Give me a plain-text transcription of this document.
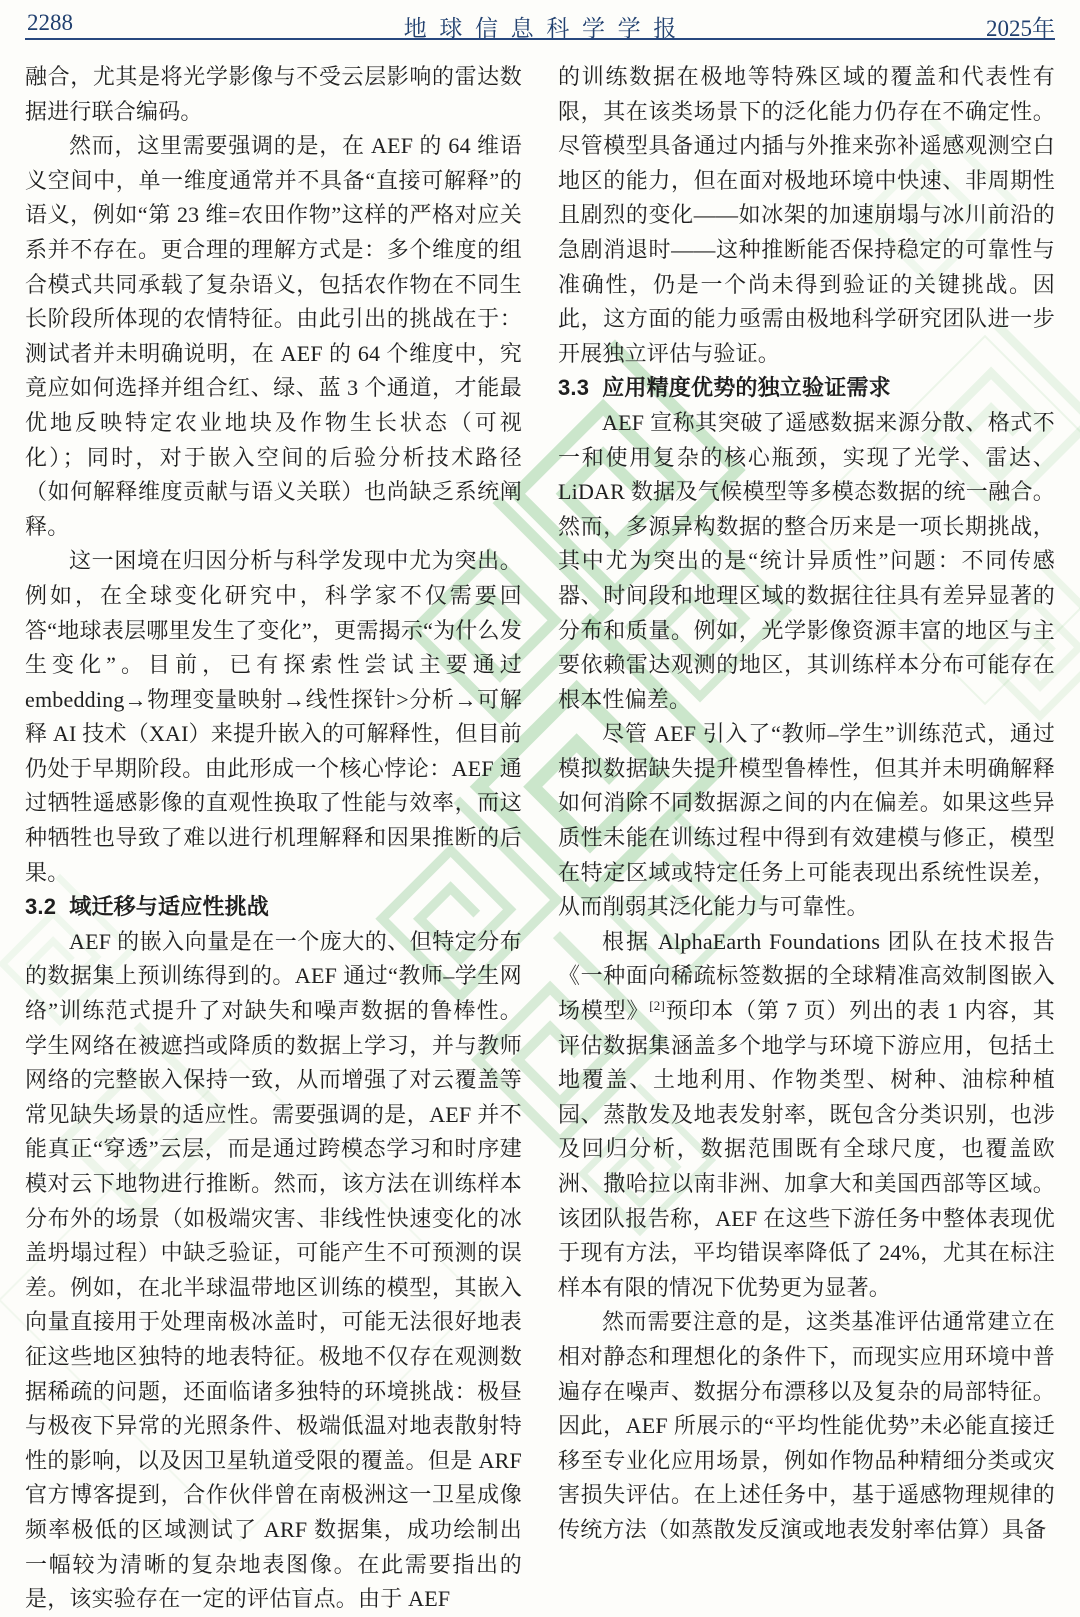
2288	地球信息科学学报	2025年

融合，尤其是将光学影像与不受云层影响的雷达数据进行联合编码。

然而，这里需要强调的是，在 AEF 的 64 维语义空间中，单一维度通常并不具备“直接可解释”的语义，例如“第 23 维=农田作物”这样的严格对应关系并不存在。更合理的理解方式是：多个维度的组合模式共同承载了复杂语义，包括农作物在不同生长阶段所体现的农情特征。由此引出的挑战在于：测试者并未明确说明，在 AEF 的 64 个维度中，究竟应如何选择并组合红、绿、蓝 3 个通道，才能最优地反映特定农业地块及作物生长状态（可视化）；同时，对于嵌入空间的后验分析技术路径（如何解释维度贡献与语义关联）也尚缺乏系统阐释。

这一困境在归因分析与科学发现中尤为突出。例如，在全球变化研究中，科学家不仅需要回答“地球表层哪里发生了变化”，更需揭示“为什么发生变化”。目前，已有探索性尝试主要通过 embedding→物理变量映射→线性探针>分析→可解释 AI 技术（XAI）来提升嵌入的可解释性，但目前仍处于早期阶段。由此形成一个核心悖论：AEF 通过牺牲遥感影像的直观性换取了性能与效率，而这种牺牲也导致了难以进行机理解释和因果推断的后果。

3.2 域迁移与适应性挑战

AEF 的嵌入向量是在一个庞大的、但特定分布的数据集上预训练得到的。AEF 通过“教师–学生网络”训练范式提升了对缺失和噪声数据的鲁棒性。学生网络在被遮挡或降质的数据上学习，并与教师网络的完整嵌入保持一致，从而增强了对云覆盖等常见缺失场景的适应性。需要强调的是，AEF 并不能真正“穿透”云层，而是通过跨模态学习和时序建模对云下地物进行推断。然而，该方法在训练样本分布外的场景（如极端灾害、非线性快速变化的冰盖坍塌过程）中缺乏验证，可能产生不可预测的误差。例如，在北半球温带地区训练的模型，其嵌入向量直接用于处理南极冰盖时，可能无法很好地表征这些地区独特的地表特征。极地不仅存在观测数据稀疏的问题，还面临诸多独特的环境挑战：极昼与极夜下异常的光照条件、极端低温对地表散射特性的影响，以及因卫星轨道受限的覆盖。但是 ARF 官方博客提到，合作伙伴曾在南极洲这一卫星成像频率极低的区域测试了 ARF 数据集，成功绘制出一幅较为清晰的复杂地表图像。在此需要指出的是，该实验存在一定的评估盲点。由于 AEF

的训练数据在极地等特殊区域的覆盖和代表性有限，其在该类场景下的泛化能力仍存在不确定性。尽管模型具备通过内插与外推来弥补遥感观测空白地区的能力，但在面对极地环境中快速、非周期性且剧烈的变化——如冰架的加速崩塌与冰川前沿的急剧消退时——这种推断能否保持稳定的可靠性与准确性，仍是一个尚未得到验证的关键挑战。因此，这方面的能力亟需由极地科学研究团队进一步开展独立评估与验证。

3.3 应用精度优势的独立验证需求

AEF 宣称其突破了遥感数据来源分散、格式不一和使用复杂的核心瓶颈，实现了光学、雷达、LiDAR 数据及气候模型等多模态数据的统一融合。然而，多源异构数据的整合历来是一项长期挑战，其中尤为突出的是“统计异质性”问题：不同传感器、时间段和地理区域的数据往往具有差异显著的分布和质量。例如，光学影像资源丰富的地区与主要依赖雷达观测的地区，其训练样本分布可能存在根本性偏差。

尽管 AEF 引入了“教师–学生”训练范式，通过模拟数据缺失提升模型鲁棒性，但其并未明确解释如何消除不同数据源之间的内在偏差。如果这些异质性未能在训练过程中得到有效建模与修正，模型在特定区域或特定任务上可能表现出系统性误差，从而削弱其泛化能力与可靠性。

根据 AlphaEarth Foundations 团队在技术报告《一种面向稀疏标签数据的全球精准高效制图嵌入场模型》[2]预印本（第 7 页）列出的表 1 内容，其评估数据集涵盖多个地学与环境下游应用，包括土地覆盖、土地利用、作物类型、树种、油棕种植园、蒸散发及地表发射率，既包含分类识别，也涉及回归分析，数据范围既有全球尺度，也覆盖欧洲、撒哈拉以南非洲、加拿大和美国西部等区域。该团队报告称，AEF 在这些下游任务中整体表现优于现有方法，平均错误率降低了 24%，尤其在标注样本有限的情况下优势更为显著。

然而需要注意的是，这类基准评估通常建立在相对静态和理想化的条件下，而现实应用环境中普遍存在噪声、数据分布漂移以及复杂的局部特征。因此，AEF 所展示的“平均性能优势”未必能直接迁移至专业化应用场景，例如作物品种精细分类或灾害损失评估。在上述任务中，基于遥感物理规律的传统方法（如蒸散发反演或地表发射率估算）具备
